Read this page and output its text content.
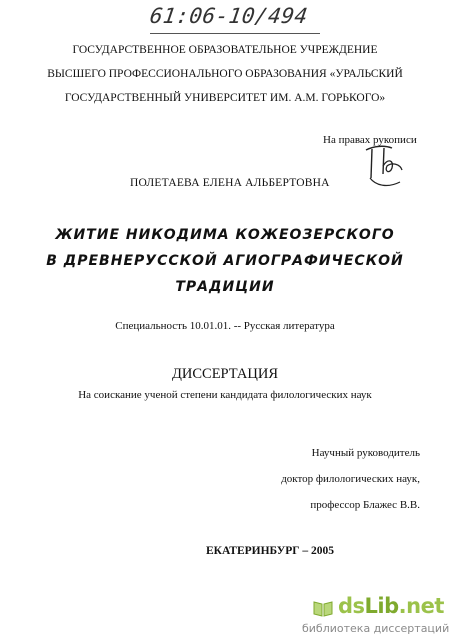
61:06-10/494
ГОСУДАРСТВЕННОЕ ОБРАЗОВАТЕЛЬНОЕ УЧРЕЖДЕНИЕ
ВЫСШЕГО ПРОФЕССИОНАЛЬНОГО ОБРАЗОВАНИЯ «УРАЛЬСКИЙ
ГОСУДАРСТВЕННЫЙ УНИВЕРСИТЕТ ИМ. А.М. ГОРЬКОГО»
На правах рукописи
ПОЛЕТАЕВА ЕЛЕНА АЛЬБЕРТОВНА
ЖИТИЕ НИКОДИМА КОЖЕОЗЕРСКОГО
В ДРЕВНЕРУССКОЙ АГИОГРАФИЧЕСКОЙ ТРАДИЦИИ
Специальность 10.01.01. -- Русская литература
ДИССЕРТАЦИЯ
На соискание ученой степени кандидата филологических наук
Научный руководитель
доктор филологических наук,
профессор Блажес В.В.
ЕКАТЕРИНБУРГ – 2005
dsLib.net
библиотека диссертаций
